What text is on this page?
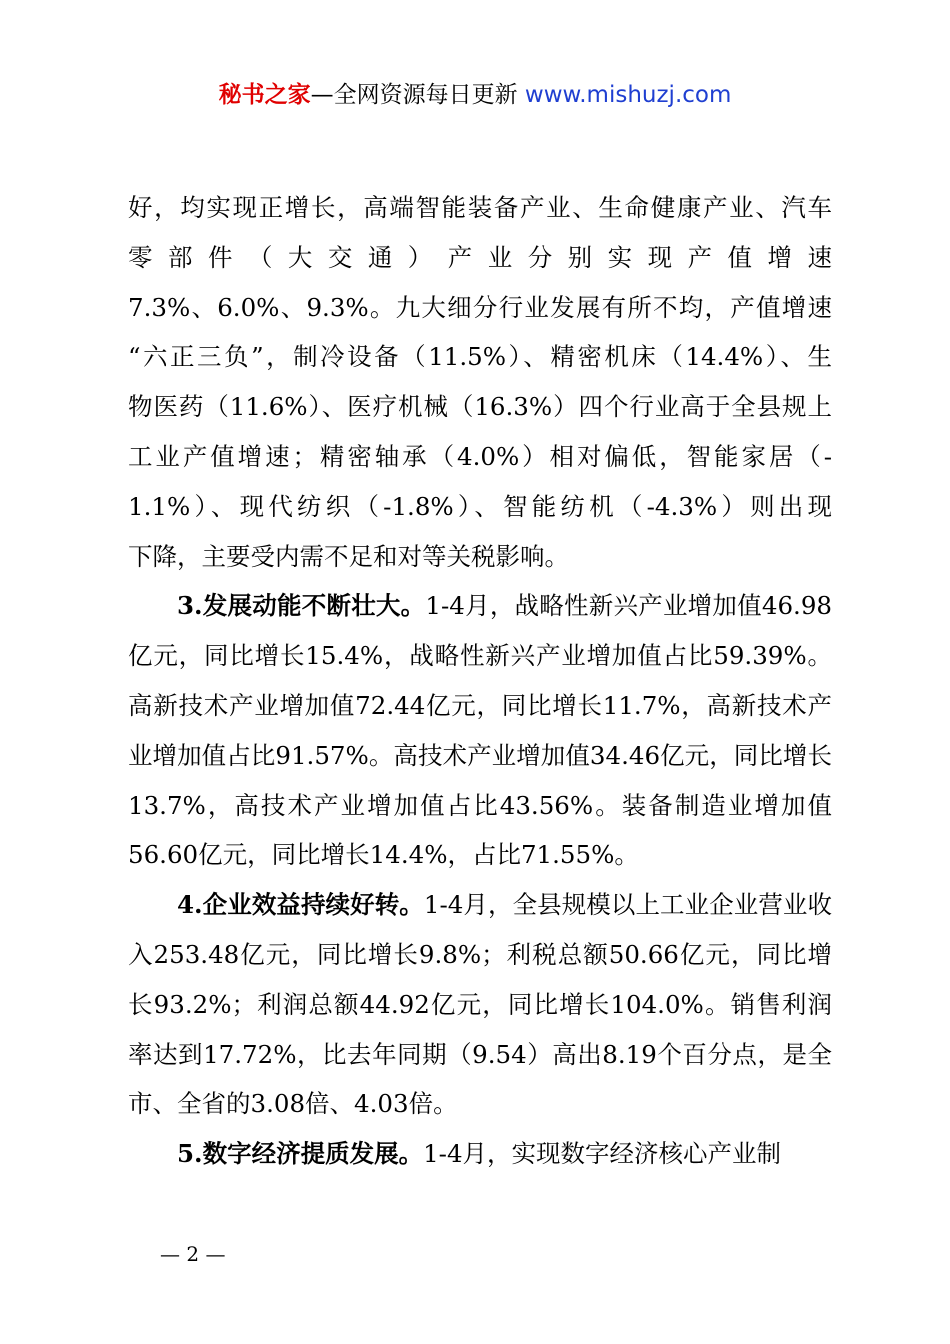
秘书之家—全网资源每日更新 www.mishuzj.com

好，均实现正增长，高端智能装备产业、生命健康产业、汽车

零部件（大交通）产业分别实现产值增速

7.3%、6.0%、9.3%。九大细分行业发展有所不均，产值增速

“六正三负”，制冷设备（11.5%）、精密机床（14.4%）、生

物医药（11.6%）、医疗机械（16.3%）四个行业高于全县规上

工业产值增速；精密轴承（4.0%）相对偏低，智能家居（-

1.1%）、现代纺织（-1.8%）、智能纺机（-4.3%）则出现

下降，主要受内需不足和对等关税影响。

3.发展动能不断壮大。1-4月，战略性新兴产业增加值46.98亿元，同比增长15.4%，战略性新兴产业增加值占比59.39%。高新技术产业增加值72.44亿元，同比增长11.7%，高新技术产业增加值占比91.57%。高技术产业增加值34.46亿元，同比增长13.7%，高技术产业增加值占比43.56%。装备制造业增加值56.60亿元，同比增长14.4%，占比71.55%。

4.企业效益持续好转。1-4月，全县规模以上工业企业营业收入253.48亿元，同比增长9.8%；利税总额50.66亿元，同比增长93.2%；利润总额44.92亿元，同比增长104.0%。销售利润率达到17.72%，比去年同期（9.54）高出8.19个百分点，是全市、全省的3.08倍、4.03倍。

5.数字经济提质发展。1-4月，实现数字经济核心产业制

— 2 —
